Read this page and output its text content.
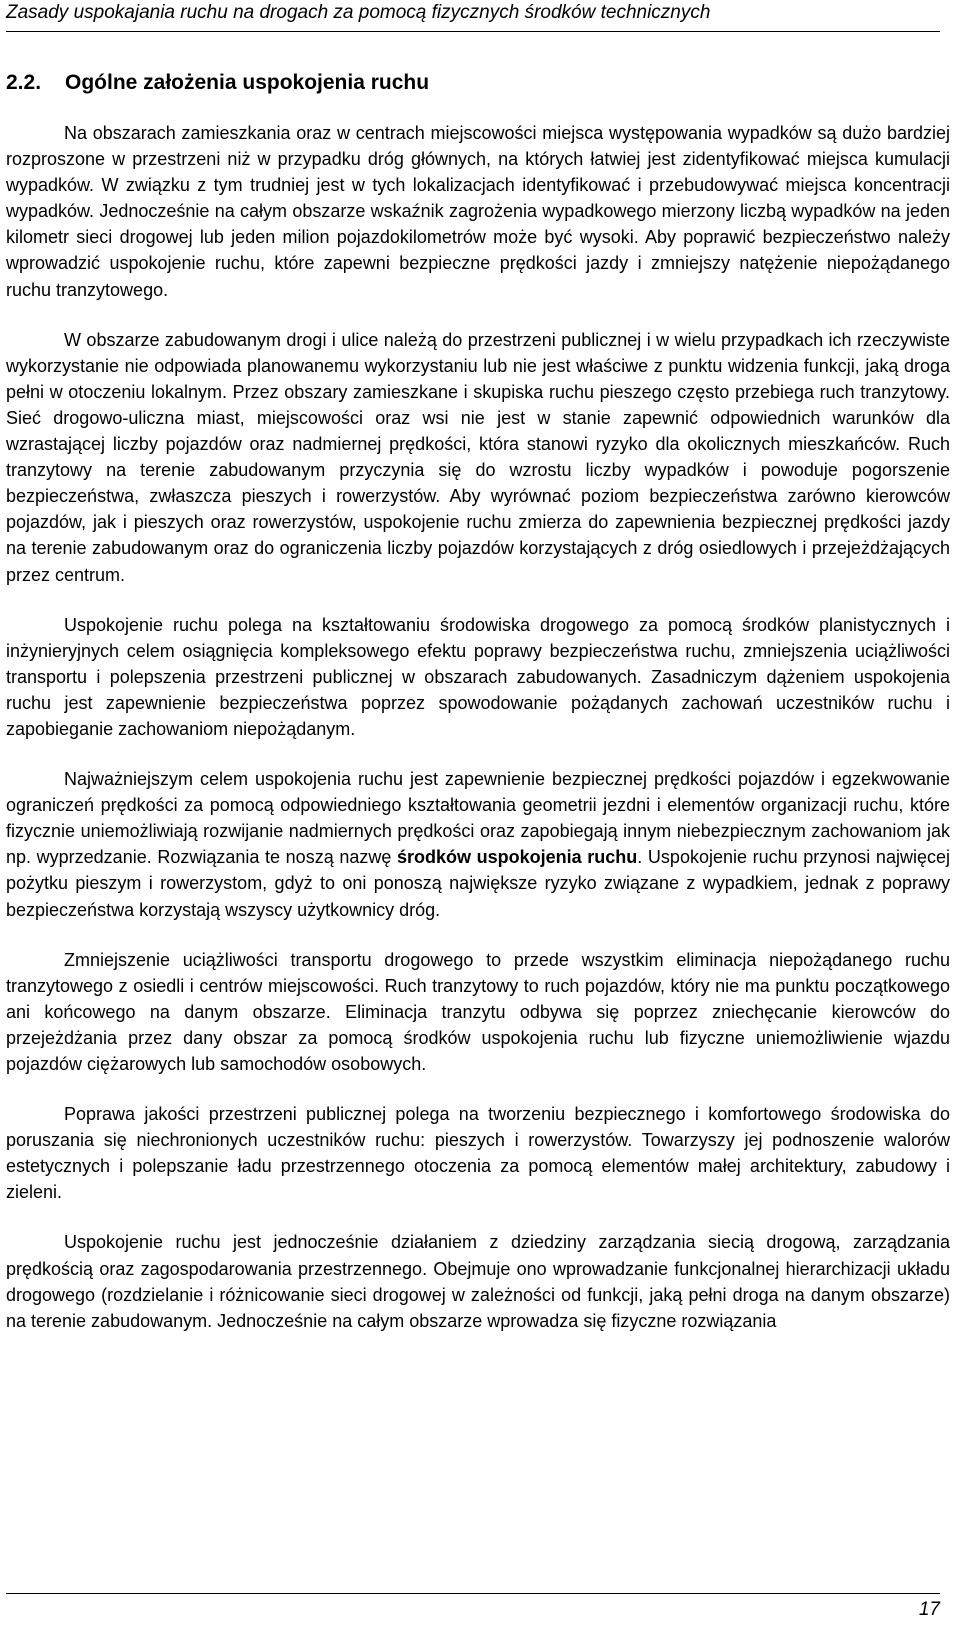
Zasady uspokajania ruchu na drogach za pomocą fizycznych środków technicznych
2.2. Ogólne założenia uspokojenia ruchu

Na obszarach zamieszkania oraz w centrach miejscowości miejsca występowania wypadków są dużo bardziej rozproszone w przestrzeni niż w przypadku dróg głównych, na których łatwiej jest zidentyfikować miejsca kumulacji wypadków. W związku z tym trudniej jest w tych lokalizacjach identyfikować i przebudowywać miejsca koncentracji wypadków. Jednocześnie na całym obszarze wskaźnik zagrożenia wypadkowego mierzony liczbą wypadków na jeden kilometr sieci drogowej lub jeden milion pojazdokilometrów może być wysoki. Aby poprawić bezpieczeństwo należy wprowadzić uspokojenie ruchu, które zapewni bezpieczne prędkości jazdy i zmniejszy natężenie niepożądanego ruchu tranzytowego.

W obszarze zabudowanym drogi i ulice należą do przestrzeni publicznej i w wielu przypadkach ich rzeczywiste wykorzystanie nie odpowiada planowanemu wykorzystaniu lub nie jest właściwe z punktu widzenia funkcji, jaką droga pełni w otoczeniu lokalnym. Przez obszary zamieszkane i skupiska ruchu pieszego często przebiega ruch tranzytowy. Sieć drogowo-uliczna miast, miejscowości oraz wsi nie jest w stanie zapewnić odpowiednich warunków dla wzrastającej liczby pojazdów oraz nadmiernej prędkości, która stanowi ryzyko dla okolicznych mieszkańców. Ruch tranzytowy na terenie zabudowanym przyczynia się do wzrostu liczby wypadków i powoduje pogorszenie bezpieczeństwa, zwłaszcza pieszych i rowerzystów. Aby wyrównać poziom bezpieczeństwa zarówno kierowców pojazdów, jak i pieszych oraz rowerzystów, uspokojenie ruchu zmierza do zapewnienia bezpiecznej prędkości jazdy na terenie zabudowanym oraz do ograniczenia liczby pojazdów korzystających z dróg osiedlowych i przejeżdżających przez centrum.

Uspokojenie ruchu polega na kształtowaniu środowiska drogowego za pomocą środków planistycznych i inżynieryjnych celem osiągnięcia kompleksowego efektu poprawy bezpieczeństwa ruchu, zmniejszenia uciążliwości transportu i polepszenia przestrzeni publicznej w obszarach zabudowanych. Zasadniczym dążeniem uspokojenia ruchu jest zapewnienie bezpieczeństwa poprzez spowodowanie pożądanych zachowań uczestników ruchu i zapobieganie zachowaniom niepożądanym.

Najważniejszym celem uspokojenia ruchu jest zapewnienie bezpiecznej prędkości pojazdów i egzekwowanie ograniczeń prędkości za pomocą odpowiedniego kształtowania geometrii jezdni i elementów organizacji ruchu, które fizycznie uniemożliwiają rozwijanie nadmiernych prędkości oraz zapobiegają innym niebezpiecznym zachowaniom jak np. wyprzedzanie. Rozwiązania te noszą nazwę środków uspokojenia ruchu. Uspokojenie ruchu przynosi najwięcej pożytku pieszym i rowerzystom, gdyż to oni ponoszą największe ryzyko związane z wypadkiem, jednak z poprawy bezpieczeństwa korzystają wszyscy użytkownicy dróg.

Zmniejszenie uciążliwości transportu drogowego to przede wszystkim eliminacja niepożądanego ruchu tranzytowego z osiedli i centrów miejscowości. Ruch tranzytowy to ruch pojazdów, który nie ma punktu początkowego ani końcowego na danym obszarze. Eliminacja tranzytu odbywa się poprzez zniechęcanie kierowców do przejeżdżania przez dany obszar za pomocą środków uspokojenia ruchu lub fizyczne uniemożliwienie wjazdu pojazdów ciężarowych lub samochodów osobowych.

Poprawa jakości przestrzeni publicznej polega na tworzeniu bezpiecznego i komfortowego środowiska do poruszania się niechronionych uczestników ruchu: pieszych i rowerzystów. Towarzyszy jej podnoszenie walorów estetycznych i polepszanie ładu przestrzennego otoczenia za pomocą elementów małej architektury, zabudowy i zieleni.

Uspokojenie ruchu jest jednocześnie działaniem z dziedziny zarządzania siecią drogową, zarządzania prędkością oraz zagospodarowania przestrzennego. Obejmuje ono wprowadzanie funkcjonalnej hierarchizacji układu drogowego (rozdzielanie i różnicowanie sieci drogowej w zależności od funkcji, jaką pełni droga na danym obszarze) na terenie zabudowanym. Jednocześnie na całym obszarze wprowadza się fizyczne rozwiązania

17
